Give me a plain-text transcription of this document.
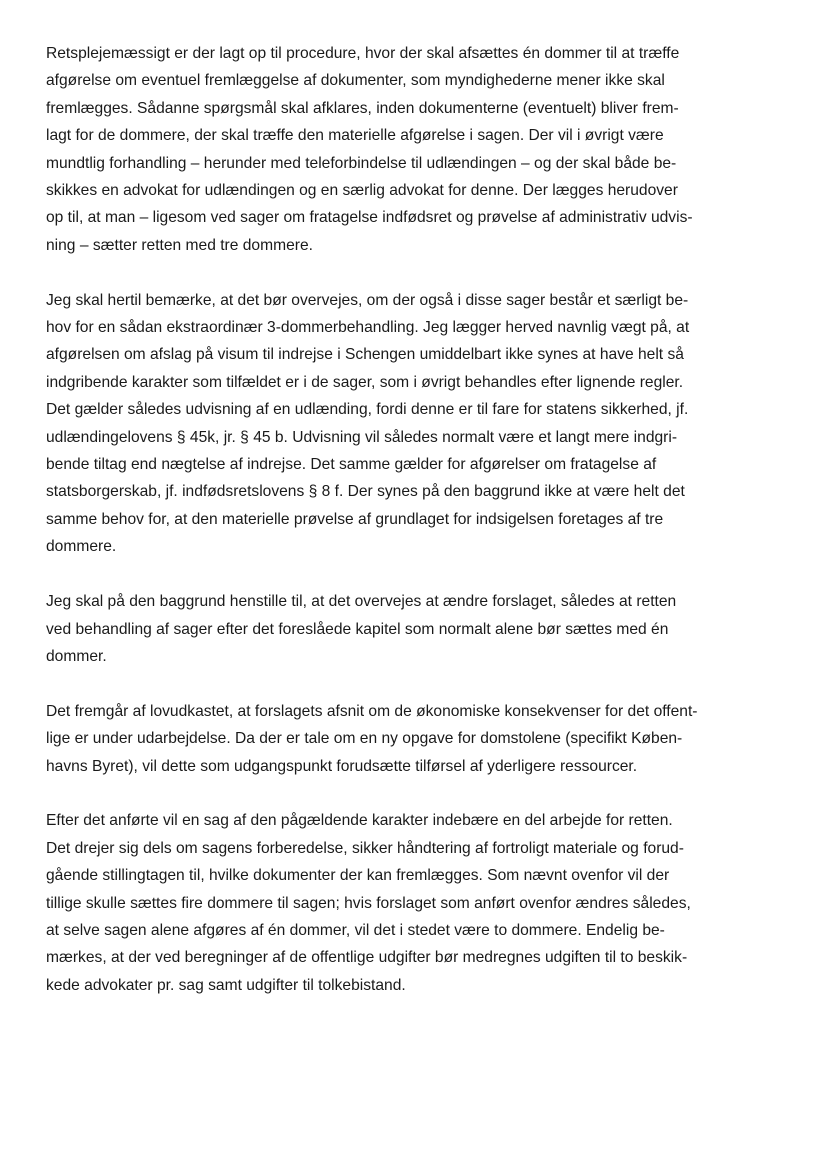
Retsplejemæssigt er der lagt op til procedure, hvor der skal afsættes én dommer til at træffe
afgørelse om eventuel fremlæggelse af dokumenter, som myndighederne mener ikke skal
fremlægges. Sådanne spørgsmål skal afklares, inden dokumenterne (eventuelt) bliver frem-
lagt for de dommere, der skal træffe den materielle afgørelse i sagen. Der vil i øvrigt være
mundtlig forhandling – herunder med teleforbindelse til udlændingen – og der skal både be-
skikkes en advokat for udlændingen og en særlig advokat for denne. Der lægges herudover
op til, at man – ligesom ved sager om fratagelse indfødsret og prøvelse af administrativ udvis-
ning – sætter retten med tre dommere.

Jeg skal hertil bemærke, at det bør overvejes, om der også i disse sager består et særligt be-
hov for en sådan ekstraordinær 3-dommerbehandling. Jeg lægger herved navnlig vægt på, at
afgørelsen om afslag på visum til indrejse i Schengen umiddelbart ikke synes at have helt så
indgribende karakter som tilfældet er i de sager, som i øvrigt behandles efter lignende regler.
Det gælder således udvisning af en udlænding, fordi denne er til fare for statens sikkerhed, jf.
udlændingelovens § 45k, jr. § 45 b. Udvisning vil således normalt være et langt mere indgri-
bende tiltag end nægtelse af indrejse. Det samme gælder for afgørelser om fratagelse af
statsborgerskab, jf. indfødsretslovens § 8 f. Der synes på den baggrund ikke at være helt det
samme behov for, at den materielle prøvelse af grundlaget for indsigelsen foretages af tre
dommere.

Jeg skal på den baggrund henstille til, at det overvejes at ændre forslaget, således at retten
ved behandling af sager efter det foreslåede kapitel som normalt alene bør sættes med én
dommer.

Det fremgår af lovudkastet, at forslagets afsnit om de økonomiske konsekvenser for det offent-
lige er under udarbejdelse. Da der er tale om en ny opgave for domstolene (specifikt Køben-
havns Byret), vil dette som udgangspunkt forudsætte tilførsel af yderligere ressourcer.

Efter det anførte vil en sag af den pågældende karakter indebære en del arbejde for retten.
Det drejer sig dels om sagens forberedelse, sikker håndtering af fortroligt materiale og forud-
gående stillingtagen til, hvilke dokumenter der kan fremlægges. Som nævnt ovenfor vil der
tillige skulle sættes fire dommere til sagen; hvis forslaget som anført ovenfor ændres således,
at selve sagen alene afgøres af én dommer, vil det i stedet være to dommere. Endelig be-
mærkes, at der ved beregninger af de offentlige udgifter bør medregnes udgiften til to beskik-
kede advokater pr. sag samt udgifter til tolkebistand.
